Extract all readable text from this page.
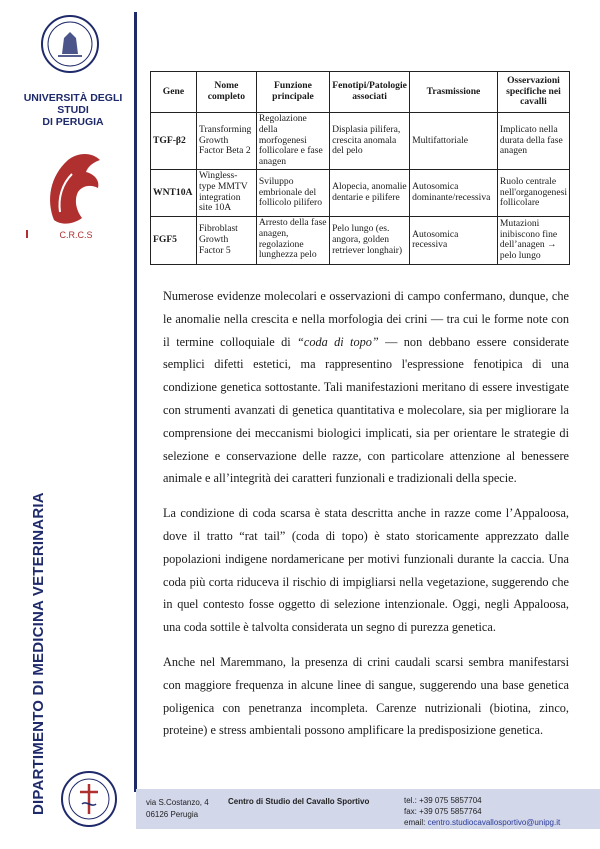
UNIVERSITÀ DEGLI STUDI
DI PERUGIA
C.R.C.S
DIPARTIMENTO DI MEDICINA VETERINARIA
Gene	Nome completo	Funzione principale	Fenotipi/Patologie associati	Trasmissione	Osservazioni specifiche nei cavalli
TGF-β2	Transforming Growth Factor Beta 2	Regolazione della morfogenesi follicolare e fase anagen	Displasia pilifera, crescita anomala del pelo	Multifattoriale	Implicato nella durata della fase anagen
WNT10A	Wingless-type MMTV integration site 10A	Sviluppo embrionale del follicolo pilifero	Alopecia, anomalie dentarie e pilifere	Autosomica dominante/recessiva	Ruolo centrale nell'organogenesi follicolare
FGF5	Fibroblast Growth Factor 5	Arresto della fase anagen, regolazione lunghezza pelo	Pelo lungo (es. angora, golden retriever longhair)	Autosomica recessiva	Mutazioni inibiscono fine dell’anagen → pelo lungo

Numerose evidenze molecolari e osservazioni di campo confermano, dunque, che le anomalie nella crescita e nella morfologia dei crini — tra cui le forme note con il termine colloquiale di “coda di topo” — non debbano essere considerate semplici difetti estetici, ma rappresentino l'espressione fenotipica di una condizione genetica sottostante. Tali manifestazioni meritano di essere investigate con strumenti avanzati di genetica quantitativa e molecolare, sia per migliorare la comprensione dei meccanismi biologici implicati, sia per orientare le strategie di selezione e conservazione delle razze, con particolare attenzione al benessere animale e all’integrità dei caratteri funzionali e tradizionali della specie.

La condizione di coda scarsa è stata descritta anche in razze come l’Appaloosa, dove il tratto “rat tail” (coda di topo) è stato storicamente apprezzato dalle popolazioni indigene nordamericane per motivi funzionali durante la caccia. Una coda più corta riduceva il rischio di impigliarsi nella vegetazione, suggerendo che in quel contesto fosse oggetto di selezione intenzionale. Oggi, negli Appaloosa, una coda sottile è talvolta considerata un segno di purezza genetica.

Anche nel Maremmano, la presenza di crini caudali scarsi sembra manifestarsi con maggiore frequenza in alcune linee di sangue, suggerendo una base genetica poligenica con penetranza incompleta. Carenze nutrizionali (biotina, zinco, proteine) e stress ambientali possono amplificare la predisposizione genetica.

via S.Costanzo, 4
06126 Perugia
Centro di Studio del Cavallo Sportivo	tel.: +39 075 5857704
fax: +39 075 5857764
email: centro.studiocavallosportivo@unipg.it
